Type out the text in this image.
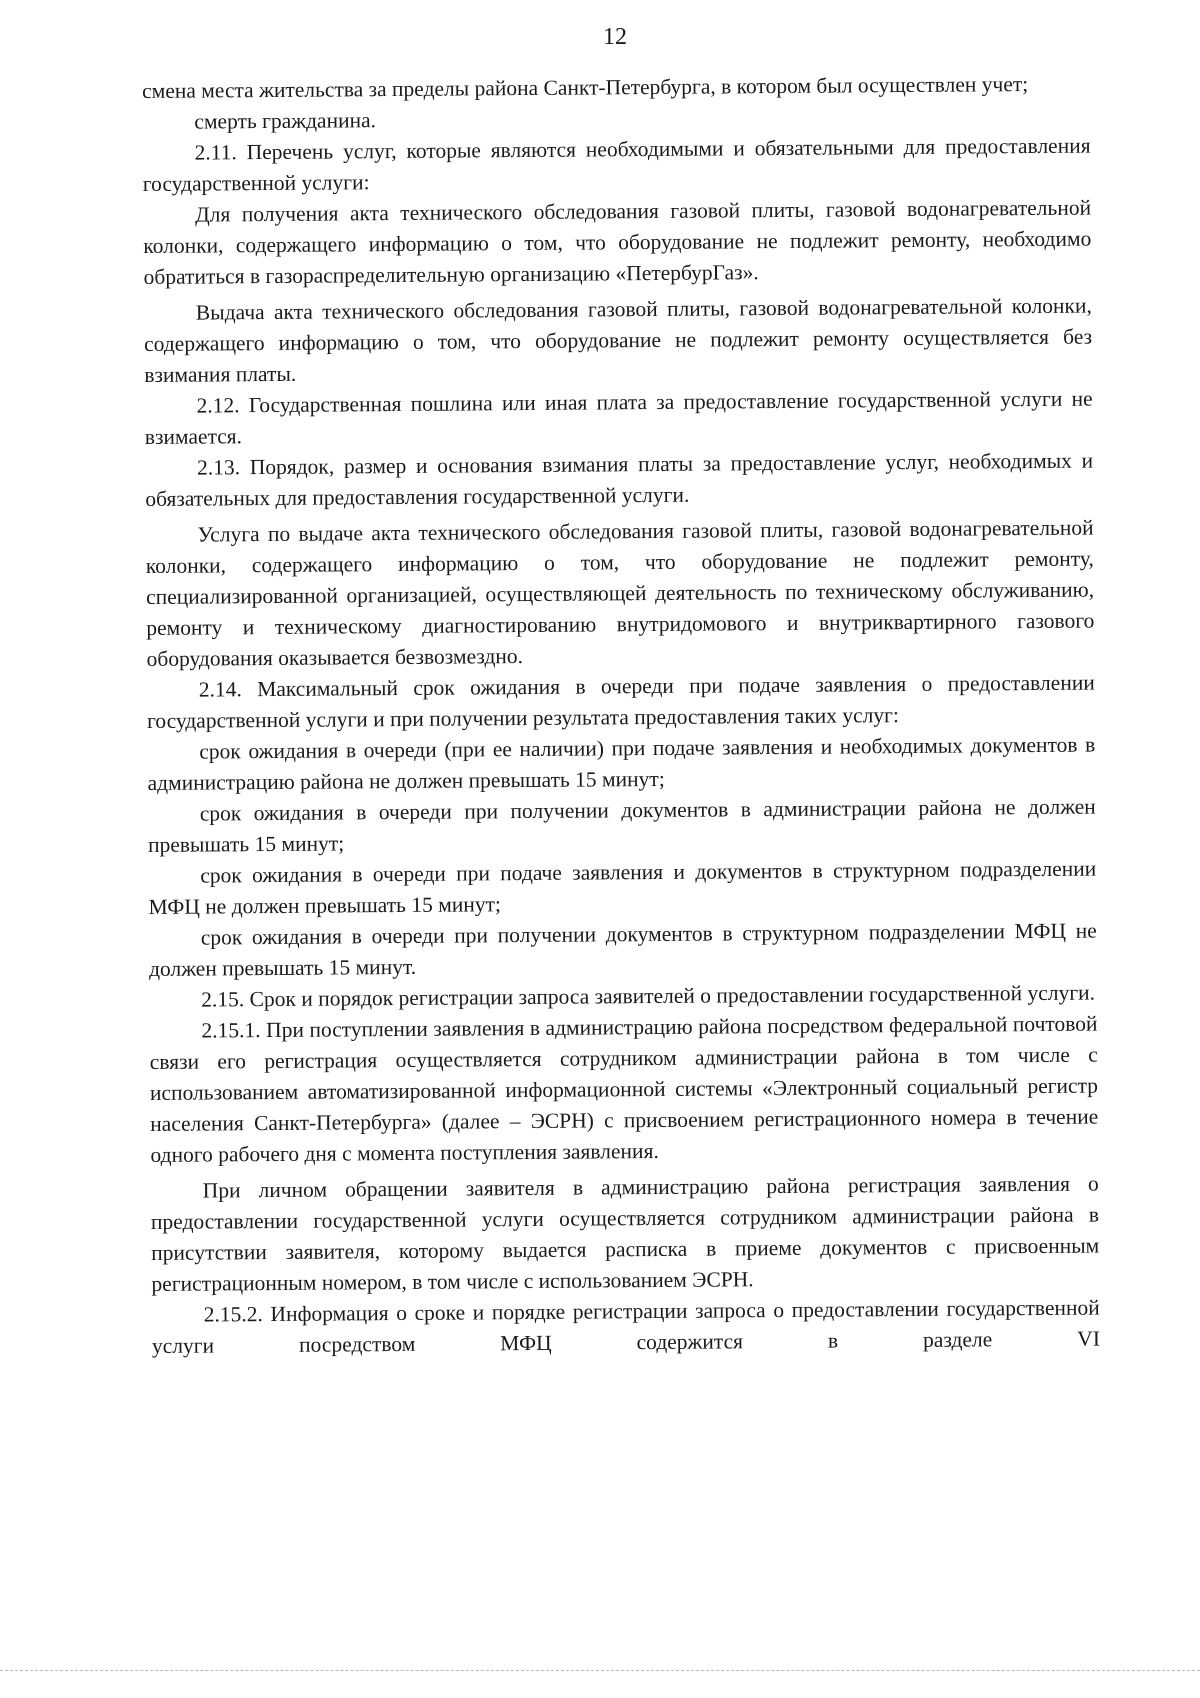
12

смена места жительства за пределы района Санкт-Петербурга, в котором был осуществлен учет;

смерть гражданина.

2.11. Перечень услуг, которые являются необходимыми и обязательными для предоставления государственной услуги:

Для получения акта технического обследования газовой плиты, газовой водонагревательной колонки, содержащего информацию о том, что оборудование не подлежит ремонту, необходимо обратиться в газораспределительную организацию «ПетербурГаз».

Выдача акта технического обследования газовой плиты, газовой водонагревательной колонки, содержащего информацию о том, что оборудование не подлежит ремонту осуществляется без взимания платы.

2.12. Государственная пошлина или иная плата за предоставление государственной услуги не взимается.

2.13. Порядок, размер и основания взимания платы за предоставление услуг, необходимых и обязательных для предоставления государственной услуги.

Услуга по выдаче акта технического обследования газовой плиты, газовой водонагревательной колонки, содержащего информацию о том, что оборудование не подлежит ремонту, специализированной организацией, осуществляющей деятельность по техническому обслуживанию, ремонту и техническому диагностированию внутридомового и внутриквартирного газового оборудования оказывается безвозмездно.

2.14. Максимальный срок ожидания в очереди при подаче заявления о предоставлении государственной услуги и при получении результата предоставления таких услуг:

срок ожидания в очереди (при ее наличии) при подаче заявления и необходимых документов в администрацию района не должен превышать 15 минут;

срок ожидания в очереди при получении документов в администрации района не должен превышать 15 минут;

срок ожидания в очереди при подаче заявления и документов в структурном подразделении МФЦ не должен превышать 15 минут;

срок ожидания в очереди при получении документов в структурном подразделении МФЦ не должен превышать 15 минут.

2.15. Срок и порядок регистрации запроса заявителей о предоставлении государственной услуги.

2.15.1. При поступлении заявления в администрацию района посредством федеральной почтовой связи его регистрация осуществляется сотрудником администрации района в том числе с использованием автоматизированной информационной системы «Электронный социальный регистр населения Санкт-Петербурга» (далее – ЭСРН) с присвоением регистрационного номера в течение одного рабочего дня с момента поступления заявления.

При личном обращении заявителя в администрацию района регистрация заявления о предоставлении государственной услуги осуществляется сотрудником администрации района в присутствии заявителя, которому выдается расписка в приеме документов с присвоенным регистрационным номером, в том числе с использованием ЭСРН.

2.15.2. Информация о сроке и порядке регистрации запроса о предоставлении государственной услуги посредством МФЦ содержится в разделе VI
